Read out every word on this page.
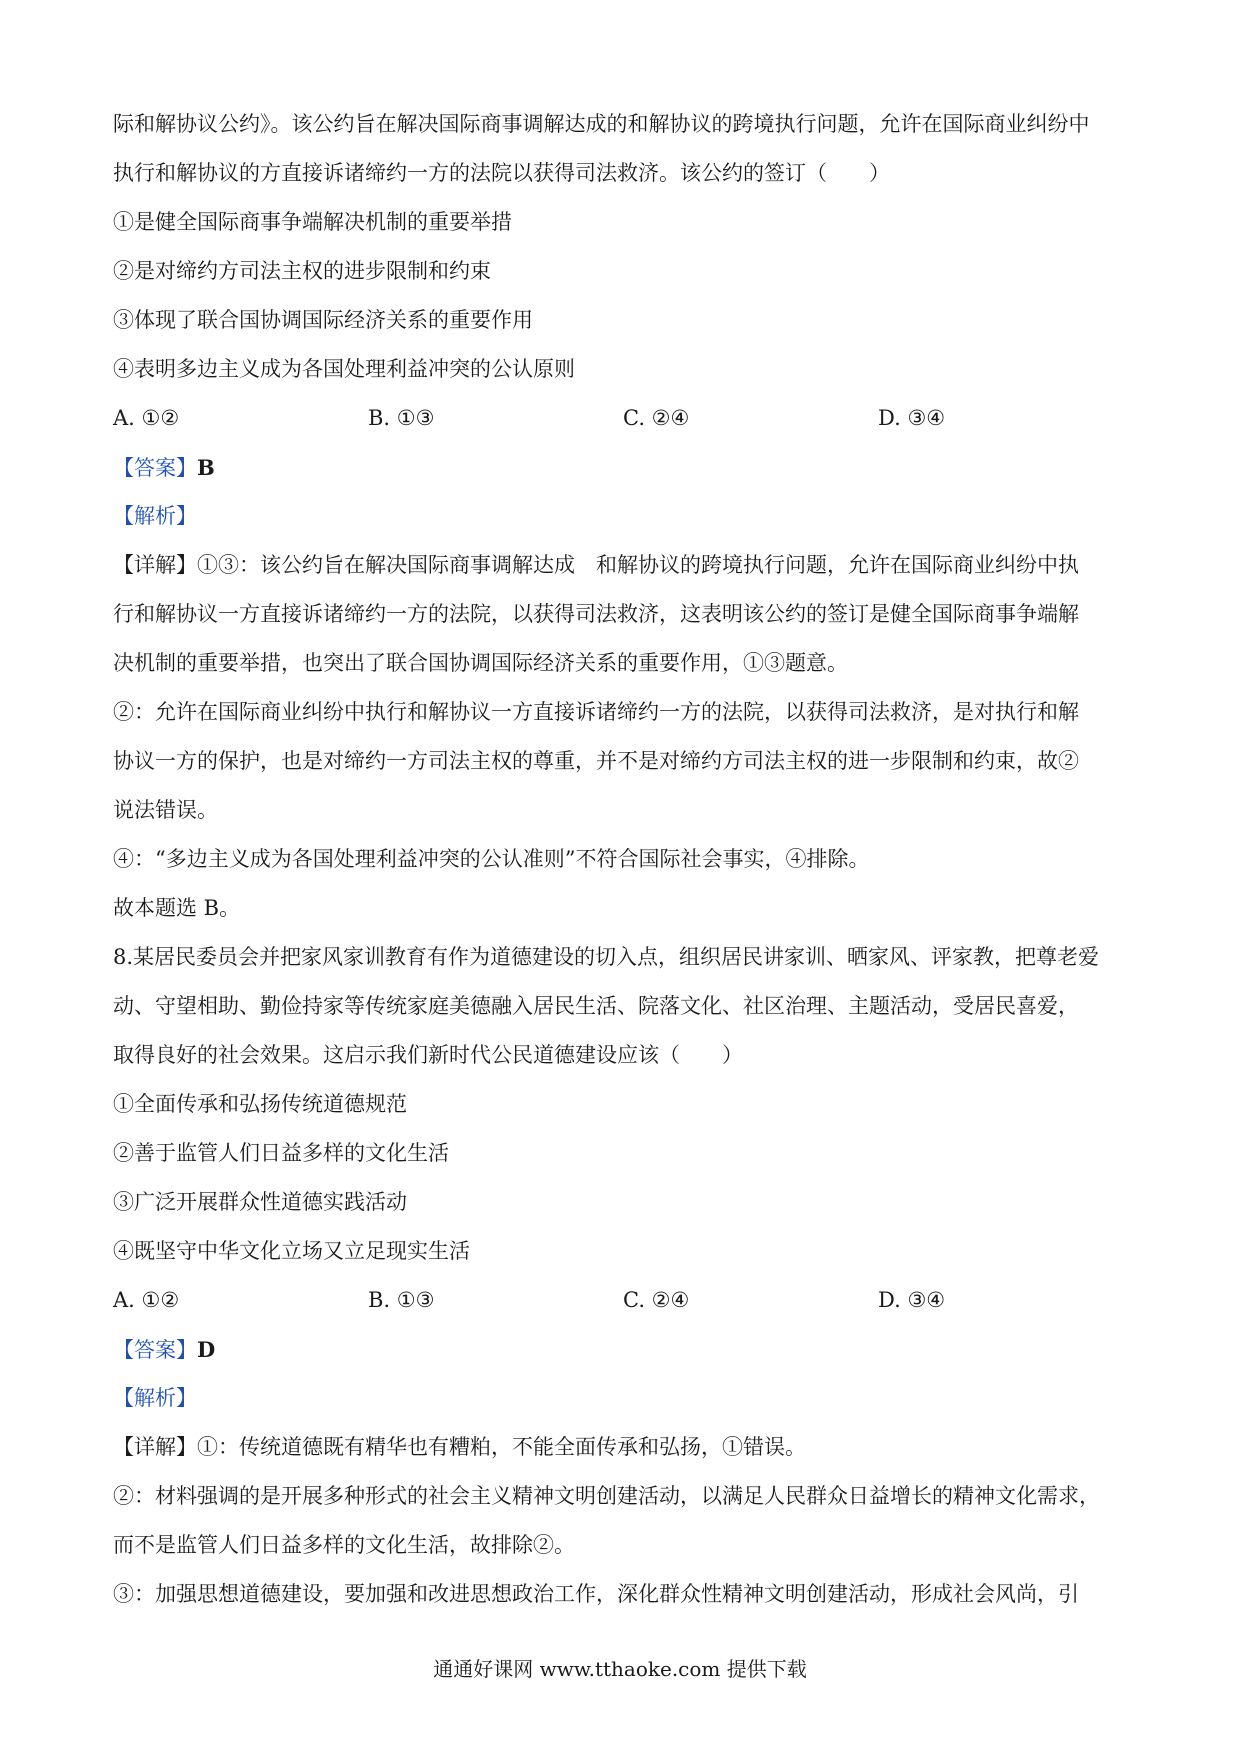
际和解协议公约》。该公约旨在解决国际商事调解达成的和解协议的跨境执行问题，允许在国际商业纠纷中
执行和解协议的方直接诉诸缔约一方的法院以获得司法救济。该公约的签订（　　）
①是健全国际商事争端解决机制的重要举措
②是对缔约方司法主权的进步限制和约束
③体现了联合国协调国际经济关系的重要作用
④表明多边主义成为各国处理利益冲突的公认原则
A. ①②	B. ①③	C. ②④	D. ③④
【答案】B
【解析】
【详解】①③：该公约旨在解决国际商事调解达成　和解协议的跨境执行问题，允许在国际商业纠纷中执
行和解协议一方直接诉诸缔约一方的法院，以获得司法救济，这表明该公约的签订是健全国际商事争端解
决机制的重要举措，也突出了联合国协调国际经济关系的重要作用，①③题意。
②：允许在国际商业纠纷中执行和解协议一方直接诉诸缔约一方的法院，以获得司法救济，是对执行和解
协议一方的保护，也是对缔约一方司法主权的尊重，并不是对缔约方司法主权的进一步限制和约束，故②
说法错误。
④：“多边主义成为各国处理利益冲突的公认准则”不符合国际社会事实，④排除。
故本题选 B。
8.某居民委员会并把家风家训教育有作为道德建设的切入点，组织居民讲家训、晒家风、评家教，把尊老爱
动、守望相助、勤俭持家等传统家庭美德融入居民生活、院落文化、社区治理、主题活动，受居民喜爱，
取得良好的社会效果。这启示我们新时代公民道德建设应该（　　）
①全面传承和弘扬传统道德规范
②善于监管人们日益多样的文化生活
③广泛开展群众性道德实践活动
④既坚守中华文化立场又立足现实生活
A. ①②	B. ①③	C. ②④	D. ③④
【答案】D
【解析】
【详解】①：传统道德既有精华也有糟粕，不能全面传承和弘扬，①错误。
②：材料强调的是开展多种形式的社会主义精神文明创建活动，以满足人民群众日益增长的精神文化需求，
而不是监管人们日益多样的文化生活，故排除②。
③：加强思想道德建设，要加强和改进思想政治工作，深化群众性精神文明创建活动，形成社会风尚，引
通通好课网 www.tthaoke.com 提供下载
